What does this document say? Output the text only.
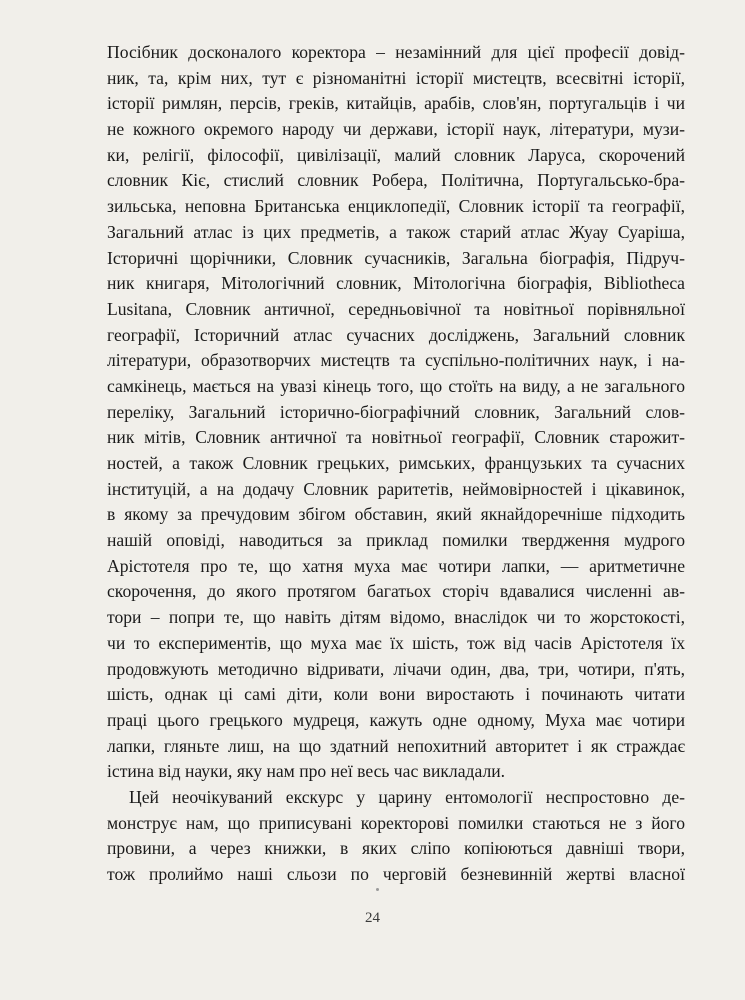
Посібник досконалого коректора – незамінний для цієї професії довід-
ник, та, крім них, тут є різноманітні історії мистецтв, всесвітні історії,
історії римлян, персів, греків, китайців, арабів, слов'ян, португальців і чи
не кожного окремого народу чи держави, історії наук, літератури, музи-
ки, релігії, філософії, цивілізації, малий словник Ларуса, скорочений
словник Кіє, стислий словник Робера, Політична, Португальсько-бра-
зильська, неповна Британська енциклопедії, Словник історії та географії,
Загальний атлас із цих предметів, а також старий атлас Жуау Суаріша,
Історичні щорічники, Словник сучасників, Загальна біографія, Підруч-
ник книгаря, Мітологічний словник, Мітологічна біографія, Bibliotheca
Lusitana, Словник античної, середньовічної та новітньої порівняльної
географії, Історичний атлас сучасних досліджень, Загальний словник
літератури, образотворчих мистецтв та суспільно-політичних наук, і на-
самкінець, мається на увазі кінець того, що стоїть на виду, а не загального
переліку, Загальний історично-біографічний словник, Загальний слов-
ник мітів, Словник античної та новітньої географії, Словник старожит-
ностей, а також Словник грецьких, римських, французьких та сучасних
інституцій, а на додачу Словник раритетів, неймовірностей і цікавинок,
в якому за пречудовим збігом обставин, який якнайдоречніше підходить
нашій оповіді, наводиться за приклад помилки твердження мудрого
Арістотеля про те, що хатня муха має чотири лапки, — аритметичне
скорочення, до якого протягом багатьох сторіч вдавалися численні ав-
тори – попри те, що навіть дітям відомо, внаслідок чи то жорстокості,
чи то експериментів, що муха має їх шість, тож від часів Арістотеля їх
продовжують методично відривати, лічачи один, два, три, чотири, п'ять,
шість, однак ці самі діти, коли вони виростають і починають читати
праці цього грецького мудреця, кажуть одне одному, Муха має чотири
лапки, гляньте лиш, на що здатний непохитний авторитет і як страждає
істина від науки, яку нам про неї весь час викладали.
Цей неочікуваний екскурс у царину ентомології неспростовно де-
монструє нам, що приписувані коректорові помилки стаються не з його
провини, а через книжки, в яких сліпо копіюються давніші твори,
тож пролиймо наші сльози по черговій безневинній жертві власної
24
